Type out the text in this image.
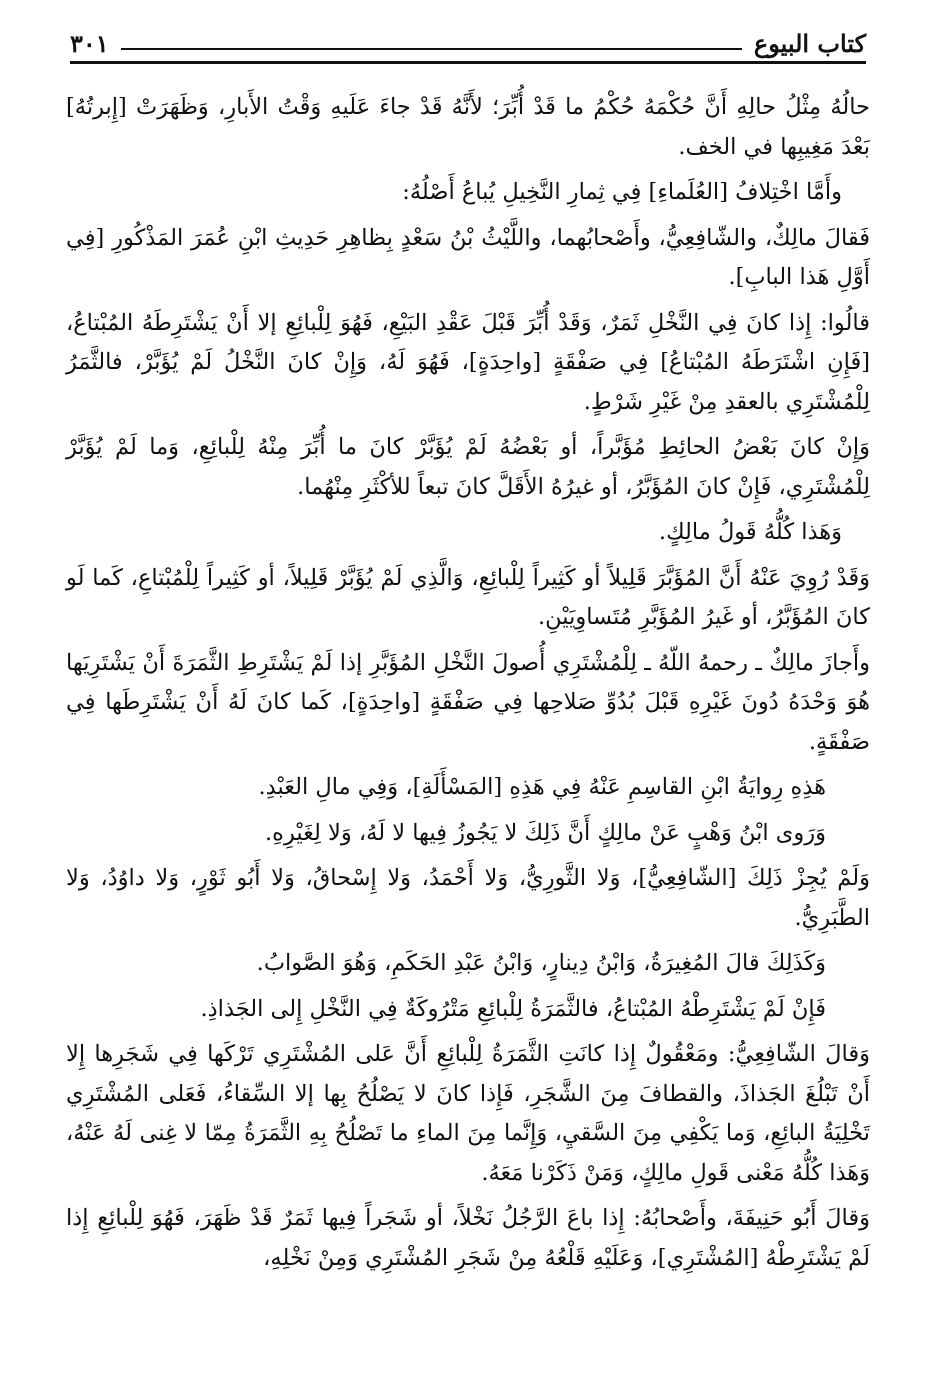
كتاب البيوع
٣٠١

حالُهُ مِثْلُ حالِهِ أَنَّ حُكْمَهُ حُكْمُ ما قَدْ أُبِّرَ؛ لأَنَّهُ قَدْ جاءَ عَلَيهِ وَقْتُ الأَبارِ، وَظَهَرَتْ [إِبرتُهُ] بَعْدَ مَغِيبِها في الخف.

وأَمَّا اخْتِلافُ [العُلَماءِ] فِي ثِمارِ النَّخِيلِ يُباعُ أَصْلُهُ:

فَقالَ مالِكٌ، والشّافِعِيُّ، وأَصْحابُهما، واللَّيْثُ بْنُ سَعْدٍ بِظاهِرِ حَدِيثِ ابْنِ عُمَرَ المَذْكُورِ [فِي أَوَّلِ هَذا البابِ].

قالُوا: إِذا كانَ فِي النَّخْلِ ثَمَرٌ، وَقَدْ أُبِّرَ قَبْلَ عَقْدِ البَيْعِ، فَهُوَ لِلْبائِعِ إلا أَنْ يَشْتَرِطَهُ المُبْتاعُ، [فَإِنِ اشْتَرَطَهُ المُبْتاعُ] فِي صَفْقَةٍ [واحِدَةٍ]، فَهُوَ لَهُ، وَإِنْ كانَ النَّخْلُ لَمْ يُؤَبَّرْ، فالثَّمَرُ لِلْمُشْتَرِي بالعقدِ مِنْ غَيْرِ شَرْطٍ.

وَإِنْ كانَ بَعْضُ الحائِطِ مُؤَبَّراً، أو بَعْضُهُ لَمْ يُؤَبَّرْ كانَ ما أُبِّرَ مِنْهُ لِلْبائِعِ، وَما لَمْ يُؤَبَّرْ لِلْمُشْتَرِي، فَإِنْ كانَ المُؤَبَّرُ، أو غيرُهُ الأَقَلَّ كانَ تبعاً للأكْثَرِ مِنْهُما.

وَهَذا كُلُّهُ قَولُ مالِكٍ.

وَقَدْ رُوِيَ عَنْهُ أَنَّ المُؤَبَّرَ قَلِيلاً أو كَثِيراً لِلْبائِعِ، وَالَّذِي لَمْ يُؤَبَّرْ قَلِيلاً، أو كَثِيراً لِلْمُبْتاعِ، كَما لَو كانَ المُؤَبَّرُ، أو غَيرُ المُؤَبَّرِ مُتَساوِيَيْنِ.

وأَجازَ مالِكٌ ـ رحمهُ اللّهُ ـ لِلْمُشْتَرِي أُصولَ النَّخْلِ المُؤَبَّرِ إذا لَمْ يَشْتَرِطِ الثَّمَرَةَ أَنْ يَشْتَرِيَها هُوَ وَحْدَهُ دُونَ غَيْرِهِ قَبْلَ بُدُوِّ صَلاحِها فِي صَفْقَةٍ [واحِدَةٍ]، كَما كانَ لَهُ أَنْ يَشْتَرِطَها فِي صَفْقَةٍ.

هَذِهِ رِوايَةُ ابْنِ القاسِمِ عَنْهُ فِي هَذِهِ [المَسْأَلَةِ]، وَفِي مالِ العَبْدِ.

وَرَوى ابْنُ وَهْبٍ عَنْ مالِكٍ أَنَّ ذَلِكَ لا يَجُوزُ فِيها لا لَهُ، وَلا لِغَيْرِهِ.

وَلَمْ يُجِزْ ذَلِكَ [الشّافِعِيُّ]، وَلا الثَّورِيُّ، وَلا أَحْمَدُ، وَلا إِسْحاقُ، وَلا أَبُو ثَوْرٍ، وَلا داوُدُ، وَلا الطَّبَرِيُّ.

وَكَذَلِكَ قالَ المُغِيرَةُ، وَابْنُ دِينارٍ، وَابْنُ عَبْدِ الحَكَمِ، وَهُوَ الصَّوابُ.

فَإِنْ لَمْ يَشْتَرِطْهُ المُبْتاعُ، فالثَّمَرَةُ لِلْبائِعِ مَتْرُوكَةٌ فِي النَّخْلِ إِلى الجَذاذِ.

وَقالَ الشّافِعِيُّ: ومَعْقُولٌ إِذا كانَتِ الثَّمَرَةُ لِلْبائِعِ أَنَّ عَلى المُشْتَرِي تَرْكَها فِي شَجَرِها إِلا أَنْ تَبْلُغَ الجَذاذَ، والقطافَ مِنَ الشَّجَرِ، فَإِذا كانَ لا يَصْلُحُ بِها إلا السِّقاءُ، فَعَلى المُشْتَرِي تَخْلِيَةُ البائِعِ، وَما يَكْفِي مِنَ السَّقيِ، وَإِنَّما مِنَ الماءِ ما تَصْلُحُ بِهِ الثَّمَرَةُ مِمّا لا غِنى لَهُ عَنْهُ، وَهَذا كُلُّهُ مَعْنى قَولِ مالِكٍ، وَمَنْ ذَكَرْنا مَعَهُ.

وَقالَ أَبُو حَنِيفَةَ، وأَصْحابُهُ: إِذا باعَ الرَّجُلُ نَخْلاً، أو شَجَراً فِيها ثَمَرٌ قَدْ ظَهَرَ، فَهُوَ لِلْبائِعِ إِذا لَمْ يَشْتَرِطْهُ [المُشْتَرِي]، وَعَلَيْهِ قَلْعُهُ مِنْ شَجَرِ المُشْتَرِي وَمِنْ نَخْلِهِ،
